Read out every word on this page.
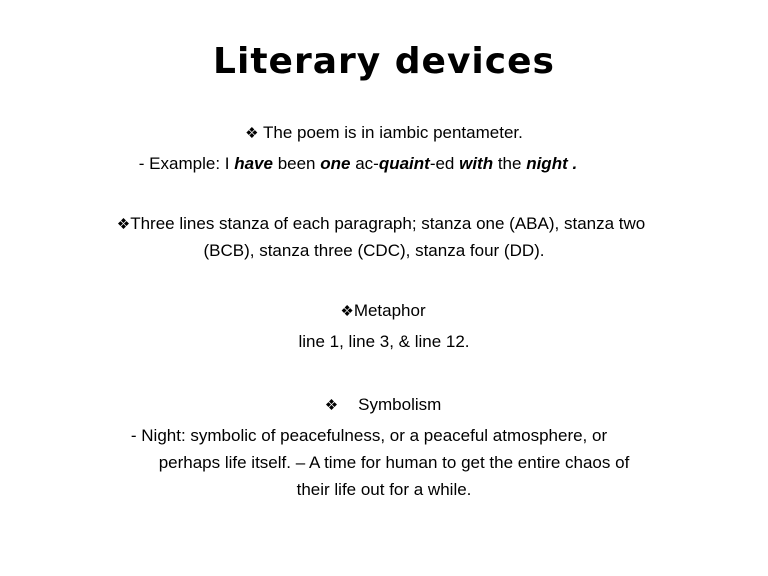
Literary devices
❖ The poem is in iambic pentameter.
- Example: I have been one ac-quaint-ed with the night .
❖Three lines stanza of each paragraph; stanza one (ABA), stanza two
(BCB), stanza three (CDC), stanza four (DD).
❖Metaphor
line 1, line 3, & line 12.
❖ Symbolism
- Night: symbolic of peacefulness, or a peaceful atmosphere, or
perhaps life itself. – A time for human to get the entire chaos of
their life out for a while.
